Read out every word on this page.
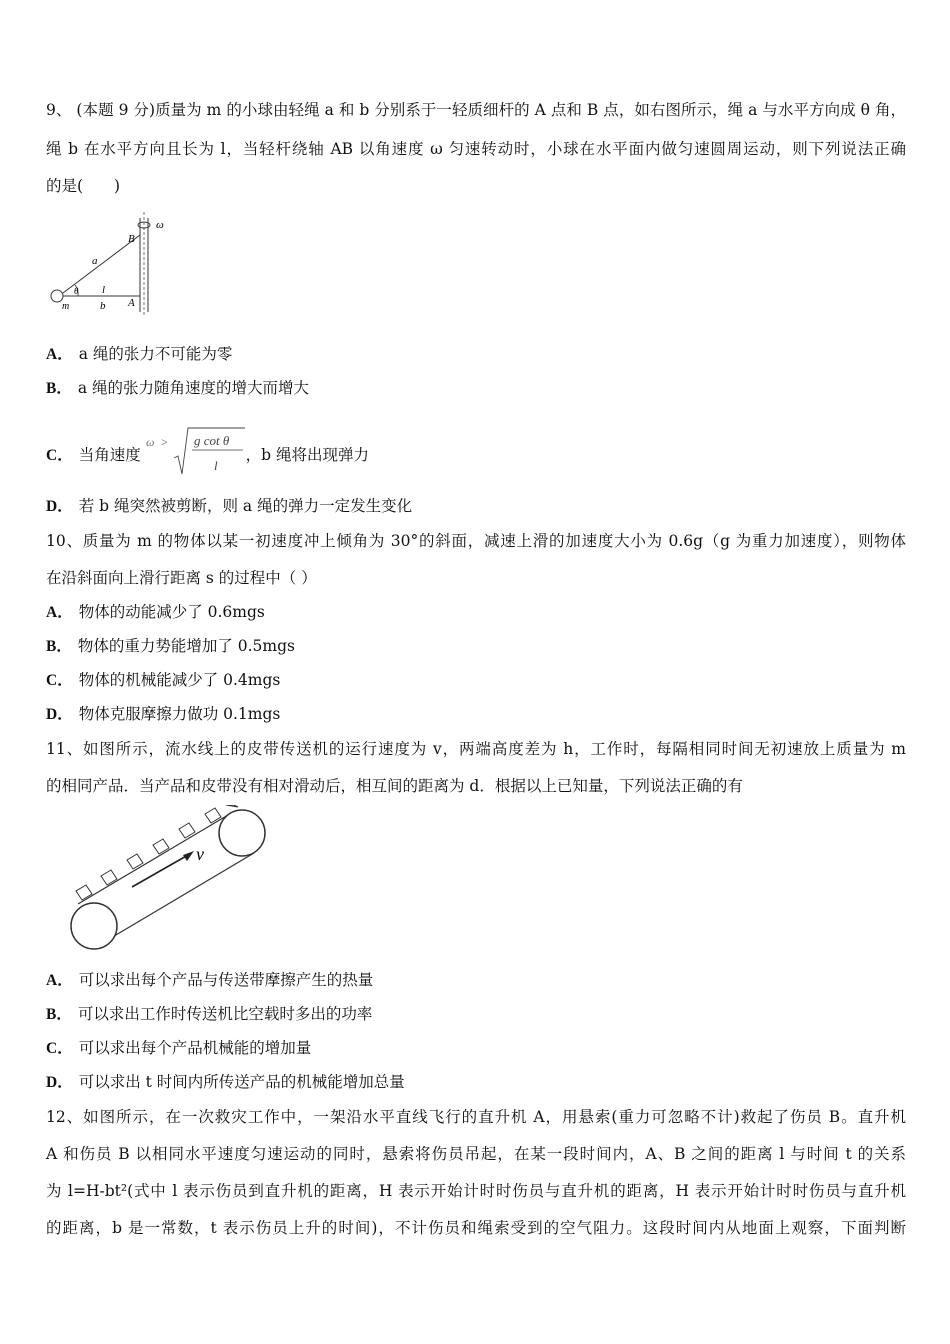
9、 (本题 9 分)质量为 m 的小球由轻绳 a 和 b 分别系于一轻质细杆的 A 点和 B 点，如右图所示，绳 a 与水平方向成 θ 角，
绳 b 在水平方向且长为 l，当轻杆绕轴 AB 以角速度 ω 匀速转动时，小球在水平面内做匀速圆周运动，则下列说法正确
的是(　　)
B
A
ω
a
θ l
m	b
A． a 绳的张力不可能为零
B． a 绳的张力随角速度的增大而增大
C． 当角速度
ω > g cot θ
l
，b 绳将出现弹力
D． 若 b 绳突然被剪断，则 a 绳的弹力一定发生变化
10、质量为 m 的物体以某一初速度冲上倾角为 30°的斜面，减速上滑的加速度大小为 0.6g（g 为重力加速度），则物体
在沿斜面向上滑行距离 s 的过程中（ ）
A． 物体的动能减少了 0.6mgs
B． 物体的重力势能增加了 0.5mgs
C． 物体的机械能减少了 0.4mgs
D． 物体克服摩擦力做功 0.1mgs
11、如图所示，流水线上的皮带传送机的运行速度为 v，两端高度差为 h，工作时，每隔相同时间无初速放上质量为 m
的相同产品．当产品和皮带没有相对滑动后，相互间的距离为 d．根据以上已知量，下列说法正确的有
v
A． 可以求出每个产品与传送带摩擦产生的热量
B． 可以求出工作时传送机比空载时多出的功率
C． 可以求出每个产品机械能的增加量
D． 可以求出 t 时间内所传送产品的机械能增加总量
12、如图所示，在一次救灾工作中，一架沿水平直线飞行的直升机 A，用悬索(重力可忽略不计)救起了伤员 B。直升机
A 和伤员 B 以相同水平速度匀速运动的同时，悬索将伤员吊起，在某一段时间内，A、B 之间的距离 l 与时间 t 的关系
为 l=H-bt²(式中 l 表示伤员到直升机的距离，H 表示开始计时时伤员与直升机的距离，H 表示开始计时时伤员与直升机
的距离，b 是一常数，t 表示伤员上升的时间)，不计伤员和绳索受到的空气阻力。这段时间内从地面上观察，下面判断
